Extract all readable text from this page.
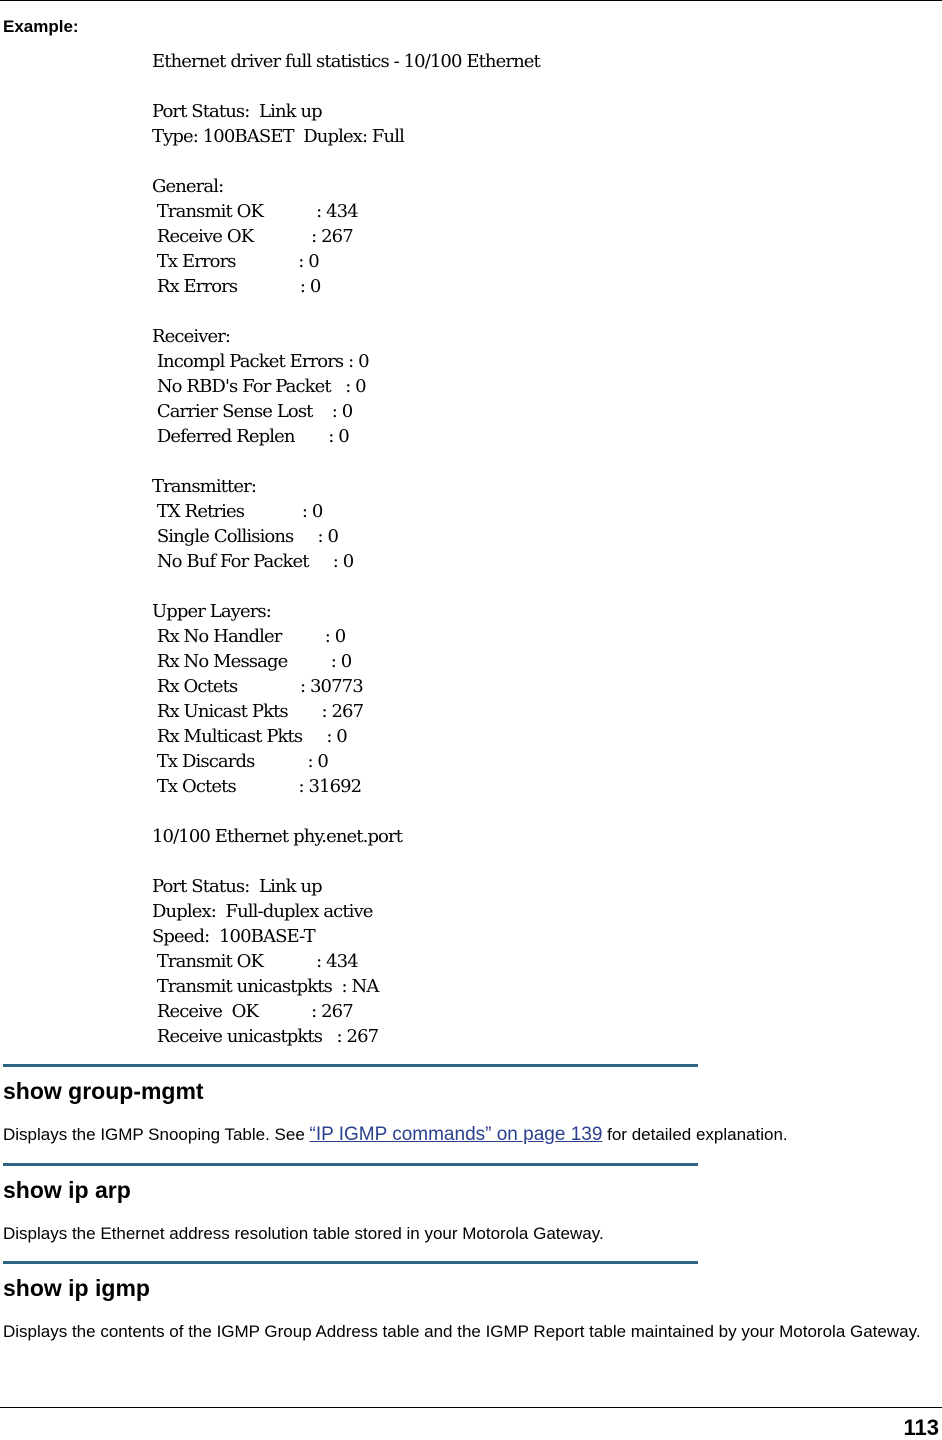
Example:
Ethernet driver full statistics - 10/100 Ethernet

Port Status:  Link up
Type: 100BASET  Duplex: Full

General:
Transmit OK           : 434
Receive OK            : 267
Tx Errors             : 0
Rx Errors             : 0

Receiver:
Incompl Packet Errors : 0
No RBD's For Packet   : 0
Carrier Sense Lost    : 0
Deferred Replen       : 0

Transmitter:
TX Retries            : 0
Single Collisions     : 0
No Buf For Packet     : 0

Upper Layers:
Rx No Handler         : 0
Rx No Message         : 0
Rx Octets             : 30773
Rx Unicast Pkts       : 267
Rx Multicast Pkts     : 0
Tx Discards           : 0
Tx Octets             : 31692

10/100 Ethernet phy.enet.port

Port Status:  Link up
Duplex:  Full-duplex active
Speed:  100BASE-T
Transmit OK           : 434
Transmit unicastpkts  : NA
Receive  OK           : 267
Receive unicastpkts   : 267
show group-mgmt
Displays the IGMP Snooping Table. See “IP IGMP commands” on page 139 for detailed explanation.
show ip arp
Displays the Ethernet address resolution table stored in your Motorola Gateway.
show ip igmp
Displays the contents of the IGMP Group Address table and the IGMP Report table maintained by your Motorola Gateway.
113
